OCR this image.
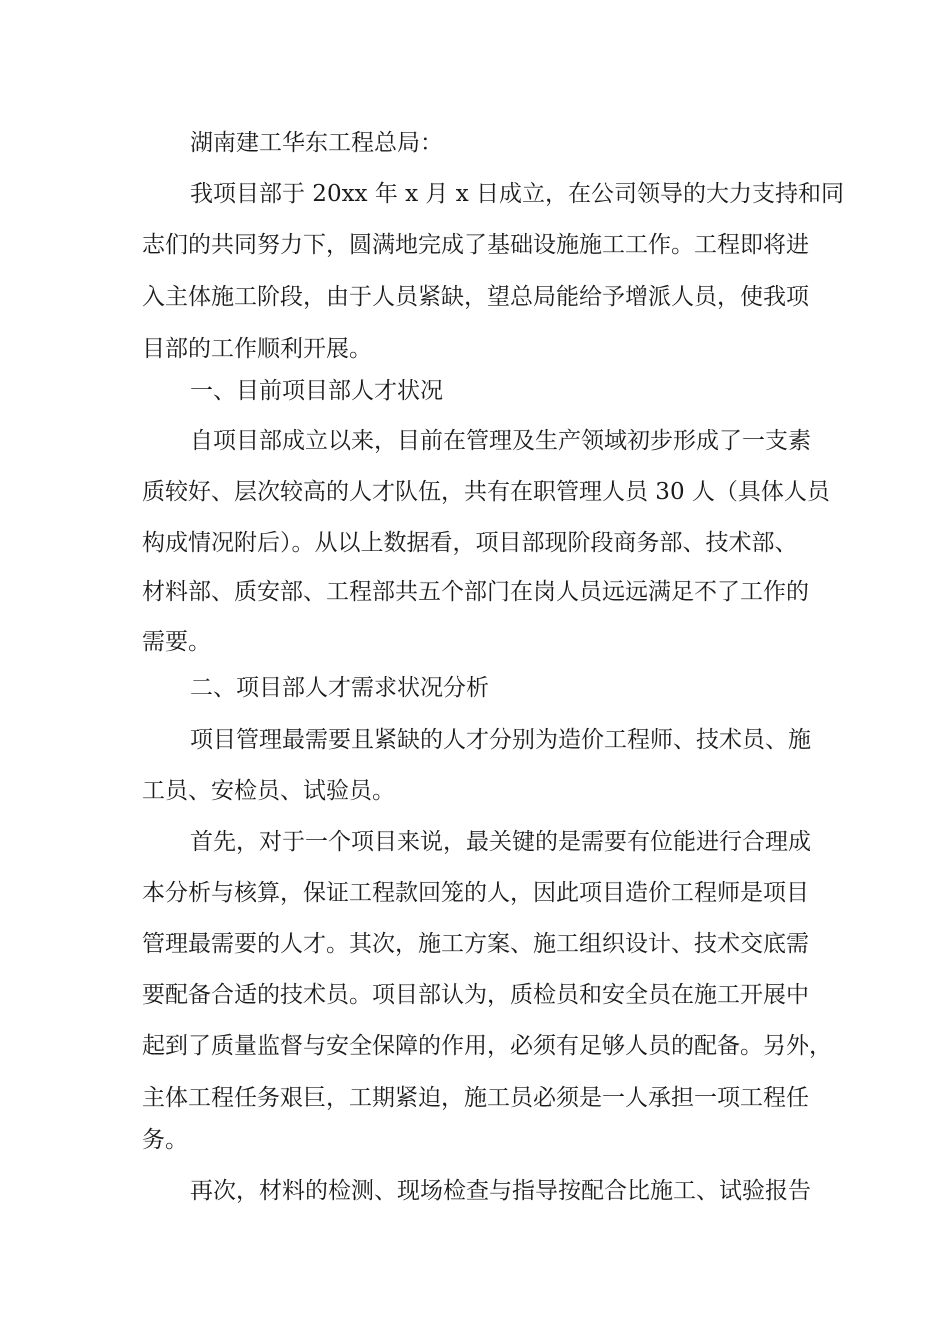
湖南建工华东工程总局：
我项目部于 20xx 年 x 月 x 日成立，在公司领导的大力支持和同
志们的共同努力下，圆满地完成了基础设施施工工作。工程即将进
入主体施工阶段，由于人员紧缺，望总局能给予增派人员，使我项
目部的工作顺利开展。
一、目前项目部人才状况
自项目部成立以来，目前在管理及生产领域初步形成了一支素
质较好、层次较高的人才队伍，共有在职管理人员 30 人（具体人员
构成情况附后）。从以上数据看，项目部现阶段商务部、技术部、
材料部、质安部、工程部共五个部门在岗人员远远满足不了工作的
需要。
二、项目部人才需求状况分析
项目管理最需要且紧缺的人才分别为造价工程师、技术员、施
工员、安检员、试验员。
首先，对于一个项目来说，最关键的是需要有位能进行合理成
本分析与核算，保证工程款回笼的人，因此项目造价工程师是项目
管理最需要的人才。其次，施工方案、施工组织设计、技术交底需
要配备合适的技术员。项目部认为，质检员和安全员在施工开展中
起到了质量监督与安全保障的作用，必须有足够人员的配备。另外，
主体工程任务艰巨，工期紧迫，施工员必须是一人承担一项工程任
务。
再次，材料的检测、现场检查与指导按配合比施工、试验报告
